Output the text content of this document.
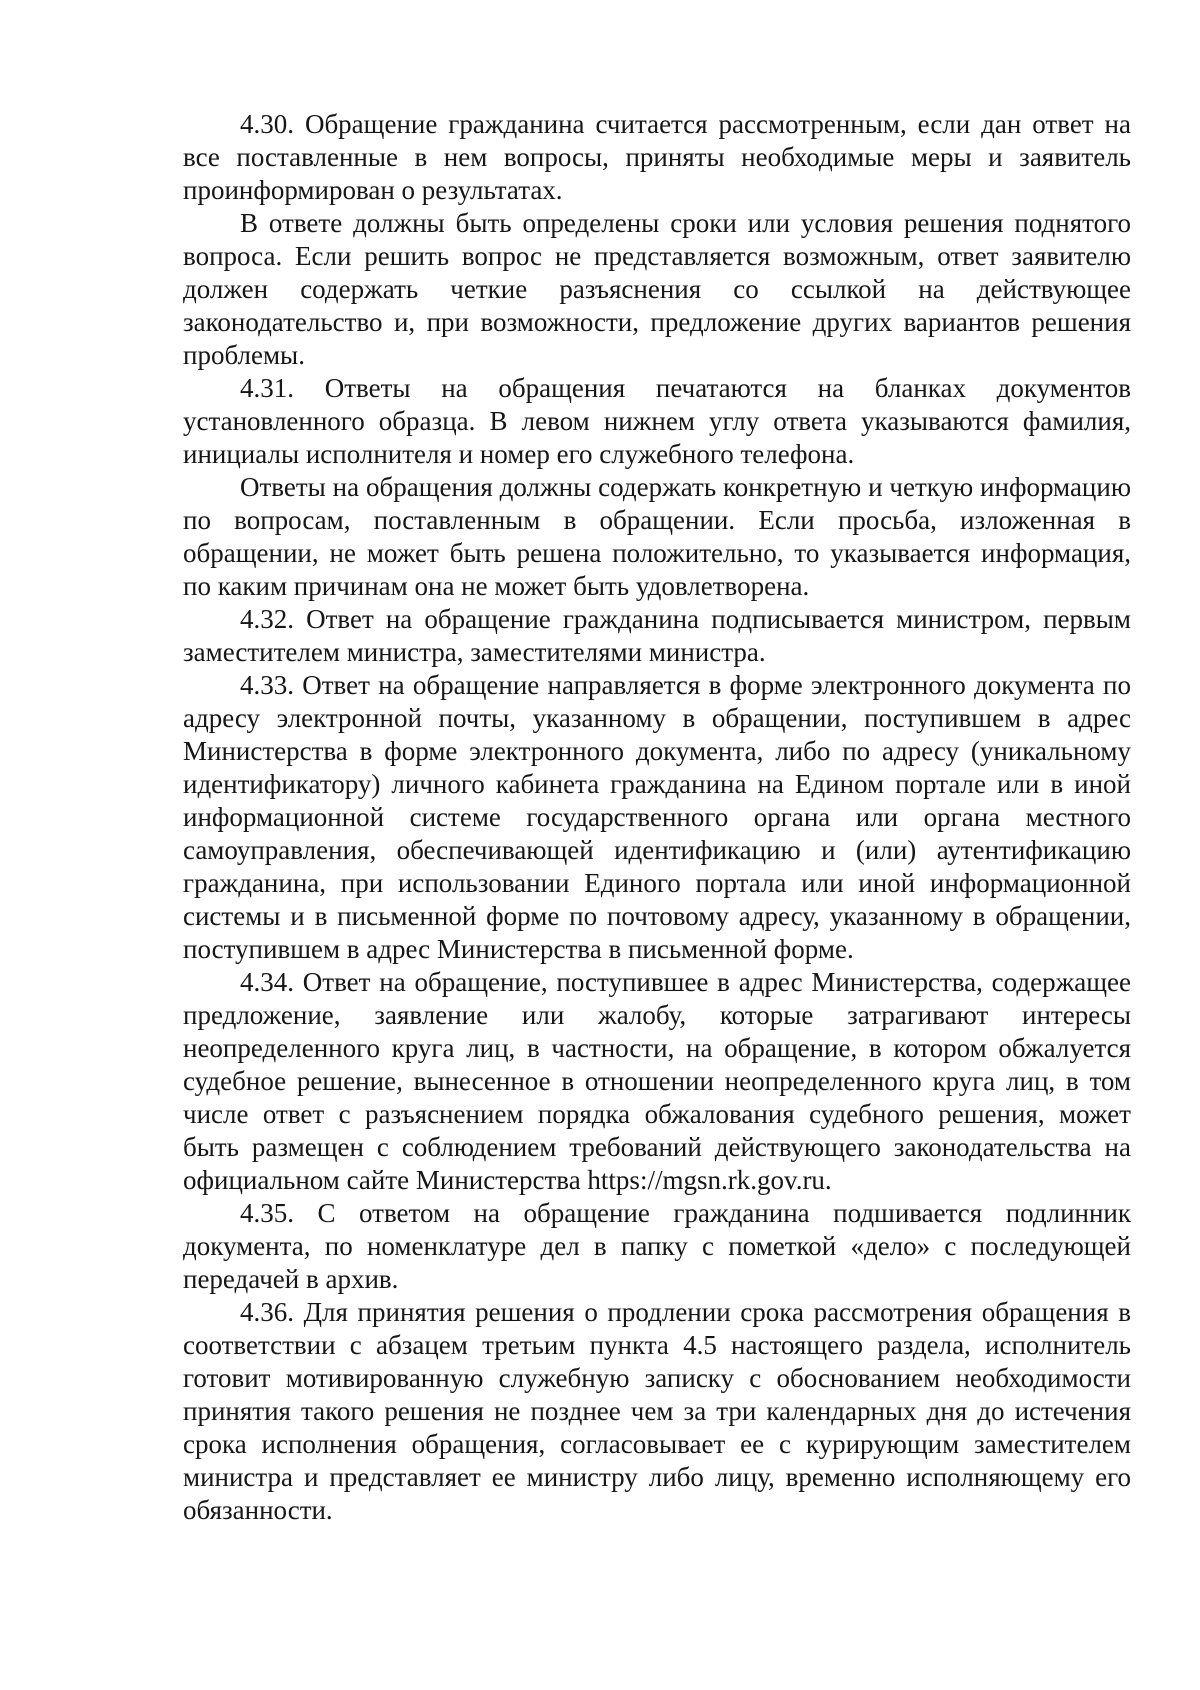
4.30. Обращение гражданина считается рассмотренным, если дан ответ на все поставленные в нем вопросы, приняты необходимые меры и заявитель проинформирован о результатах.

В ответе должны быть определены сроки или условия решения поднятого вопроса. Если решить вопрос не представляется возможным, ответ заявителю должен содержать четкие разъяснения со ссылкой на действующее законодательство и, при возможности, предложение других вариантов решения проблемы.

4.31. Ответы на обращения печатаются на бланках документов установленного образца. В левом нижнем углу ответа указываются фамилия, инициалы исполнителя и номер его служебного телефона.

Ответы на обращения должны содержать конкретную и четкую информацию по вопросам, поставленным в обращении. Если просьба, изложенная в обращении, не может быть решена положительно, то указывается информация, по каким причинам она не может быть удовлетворена.

4.32. Ответ на обращение гражданина подписывается министром, первым заместителем министра, заместителями министра.

4.33. Ответ на обращение направляется в форме электронного документа по адресу электронной почты, указанному в обращении, поступившем в адрес Министерства в форме электронного документа, либо по адресу (уникальному идентификатору) личного кабинета гражданина на Едином портале или в иной информационной системе государственного органа или органа местного самоуправления, обеспечивающей идентификацию и (или) аутентификацию гражданина, при использовании Единого портала или иной информационной системы и в письменной форме по почтовому адресу, указанному в обращении, поступившем в адрес Министерства в письменной форме.

4.34. Ответ на обращение, поступившее в адрес Министерства, содержащее предложение, заявление или жалобу, которые затрагивают интересы неопределенного круга лиц, в частности, на обращение, в котором обжалуется судебное решение, вынесенное в отношении неопределенного круга лиц, в том числе ответ с разъяснением порядка обжалования судебного решения, может быть размещен с соблюдением требований действующего законодательства на официальном сайте Министерства https://mgsn.rk.gov.ru.

4.35. С ответом на обращение гражданина подшивается подлинник документа, по номенклатуре дел в папку с пометкой «дело» с последующей передачей в архив.

4.36. Для принятия решения о продлении срока рассмотрения обращения в соответствии с абзацем третьим пункта 4.5 настоящего раздела, исполнитель готовит мотивированную служебную записку с обоснованием необходимости принятия такого решения не позднее чем за три календарных дня до истечения срока исполнения обращения, согласовывает ее с курирующим заместителем министра и представляет ее министру либо лицу, временно исполняющему его обязанности.
